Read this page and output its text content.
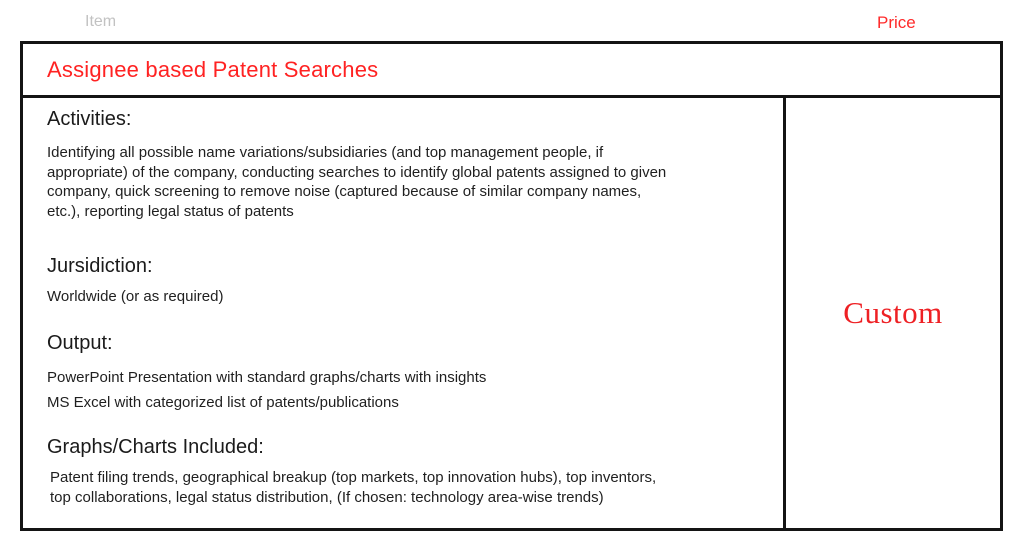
Item	Price
Assignee based Patent Searches
Activities:
Identifying all possible name variations/subsidiaries (and top management people, if
appropriate) of the company, conducting searches to identify global patents assigned to given
company, quick screening to remove noise (captured because of similar company names,
etc.), reporting legal status of patents
Jursidiction:
Worldwide (or as required)
Output:
PowerPoint Presentation with standard graphs/charts with insights
MS Excel with categorized list of patents/publications
Graphs/Charts Included:
Patent filing trends, geographical breakup (top markets, top innovation hubs), top inventors,
top collaborations, legal status distribution, (If chosen: technology area-wise trends)
Custom
